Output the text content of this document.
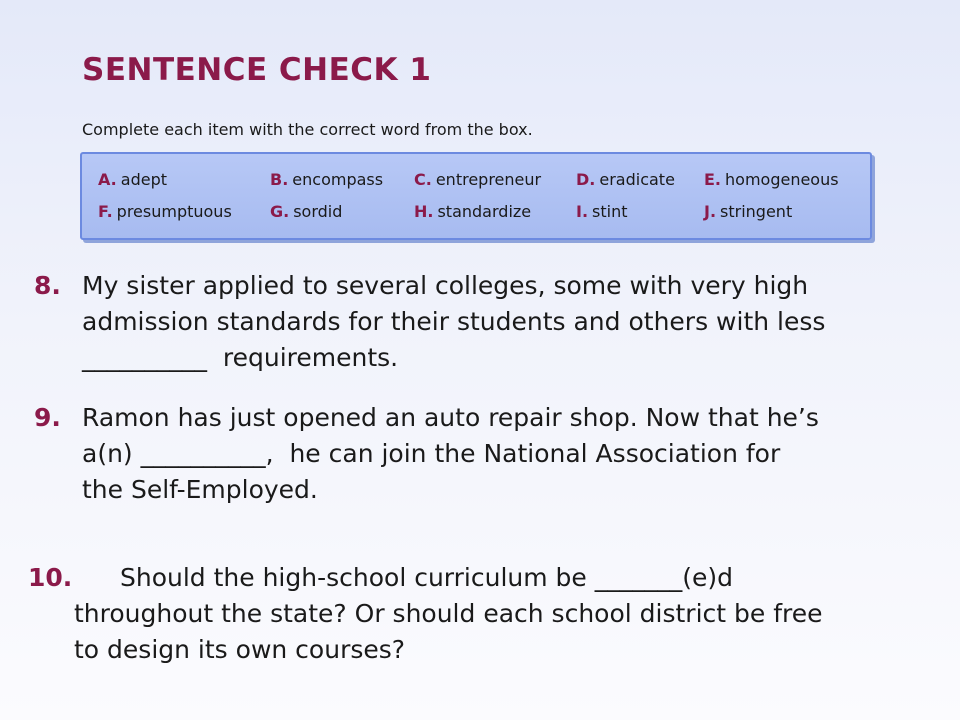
SENTENCE CHECK 1
Complete each item with the correct word from the box.
A. adept	B. encompass C. entrepreneur D. eradicate E. homogeneous
F. presumptuous G. sordid	H. standardize	I. stint	J. stringent
8. My sister applied to several colleges, some with very high
admission standards for their students and others with less
__________  requirements.
9. Ramon has just opened an auto repair shop. Now that he’s
a(n) __________,  he can join the National Association for
the Self-Employed.
10. Should the high-school curriculum be _______(e)d
throughout the state? Or should each school district be free
to design its own courses?
